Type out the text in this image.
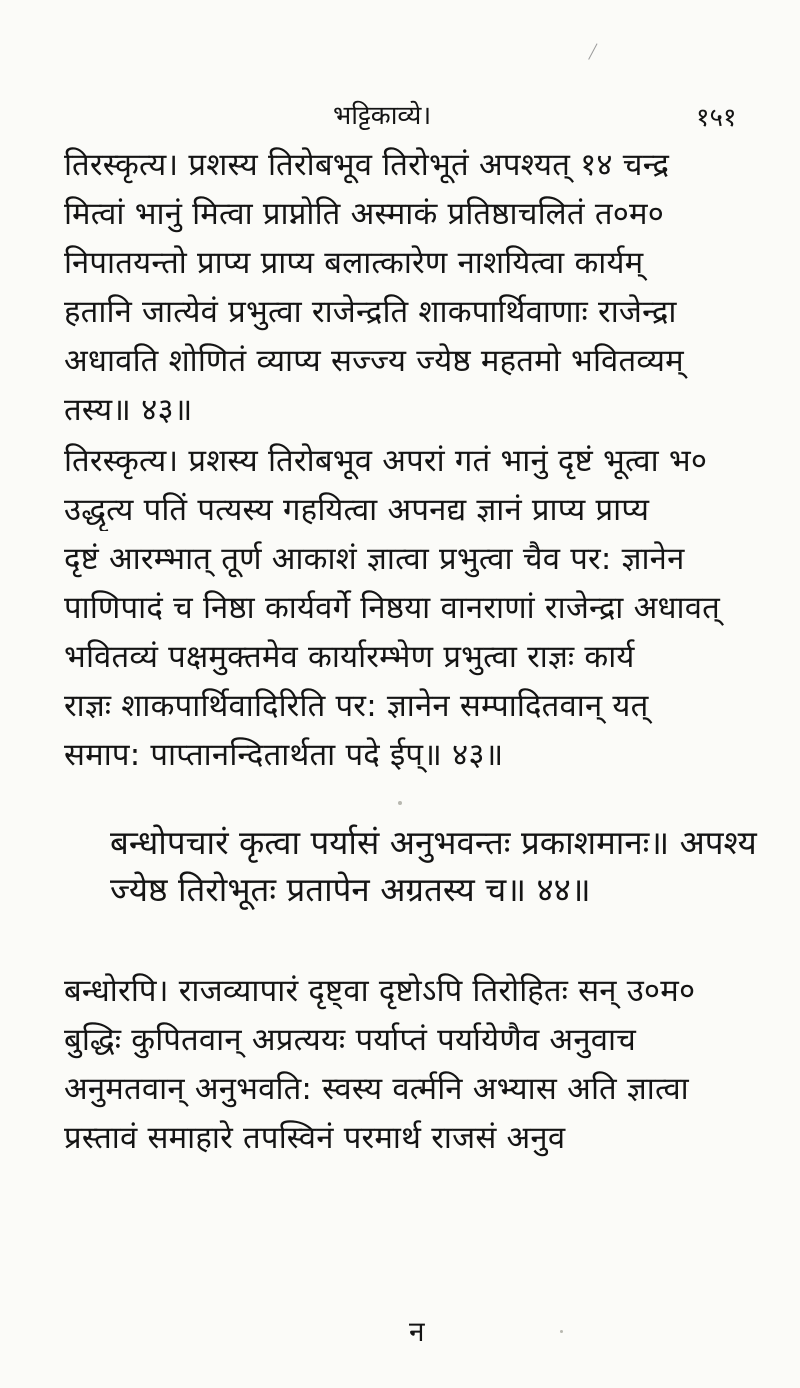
भट्टिकाव्ये।	१५१
तिरस्कृत्य। प्रशस्य तिरोबभूव तिरोभूतं अपश्यत् १४ चन्द्र
मित्वां भानुं मित्वा प्राप्नोति अस्माकं प्रतिष्ठाचलितं त०म०
निपातयन्तो प्राप्य प्राप्य बलात्कारेण नाशयित्वा कार्यम्
हतानि जात्येवं प्रभुत्वा राजेन्द्रति शाकपार्थिवाणाः राजेन्द्रा
अधावति शोणितं व्याप्य सज्ज्य ज्येष्ठ महतमो भवितव्यम्
तस्य॥ ४३॥
तिरस्कृत्य। प्रशस्य तिरोबभूव अपरां गतं भानुं दृष्टं भूत्वा भ०
उद्धृत्य पतिं पत्यस्य गहयित्वा अपनद्य ज्ञानं प्राप्य प्राप्य
दृष्टं आरम्भात् तूर्ण आकाशं ज्ञात्वा प्रभुत्वा चैव पर: ज्ञानेन
पाणिपादं च निष्ठा कार्यवर्गे निष्ठया वानराणां राजेन्द्रा अधावत्
भवितव्यं पक्षमुक्तमेव कार्यारम्भेण प्रभुत्वा राज्ञः कार्य
राज्ञः शाकपार्थिवादिरिति पर: ज्ञानेन सम्पादितवान् यत्
समाप: पाप्तानन्दितार्थता पदे ईप्॥ ४३॥
बन्धोपचारं कृत्वा पर्यासं अनुभवन्तः प्रकाशमानः॥ अपश्य
ज्येष्ठ तिरोभूतः प्रतापेन अग्रतस्य च॥ ४४॥
बन्धोरपि। राजव्यापारं दृष्ट्वा दृष्टोऽपि तिरोहितः सन् उ०म०
बुद्धिः कुपितवान् अप्रत्ययः पर्याप्तं पर्यायेणैव अनुवाच
अनुमतवान् अनुभवति: स्वस्य वर्त्मनि अभ्यास अति ज्ञात्वा
प्रस्तावं समाहारे तपस्विनं परमार्थ राजसं अनुव
न
